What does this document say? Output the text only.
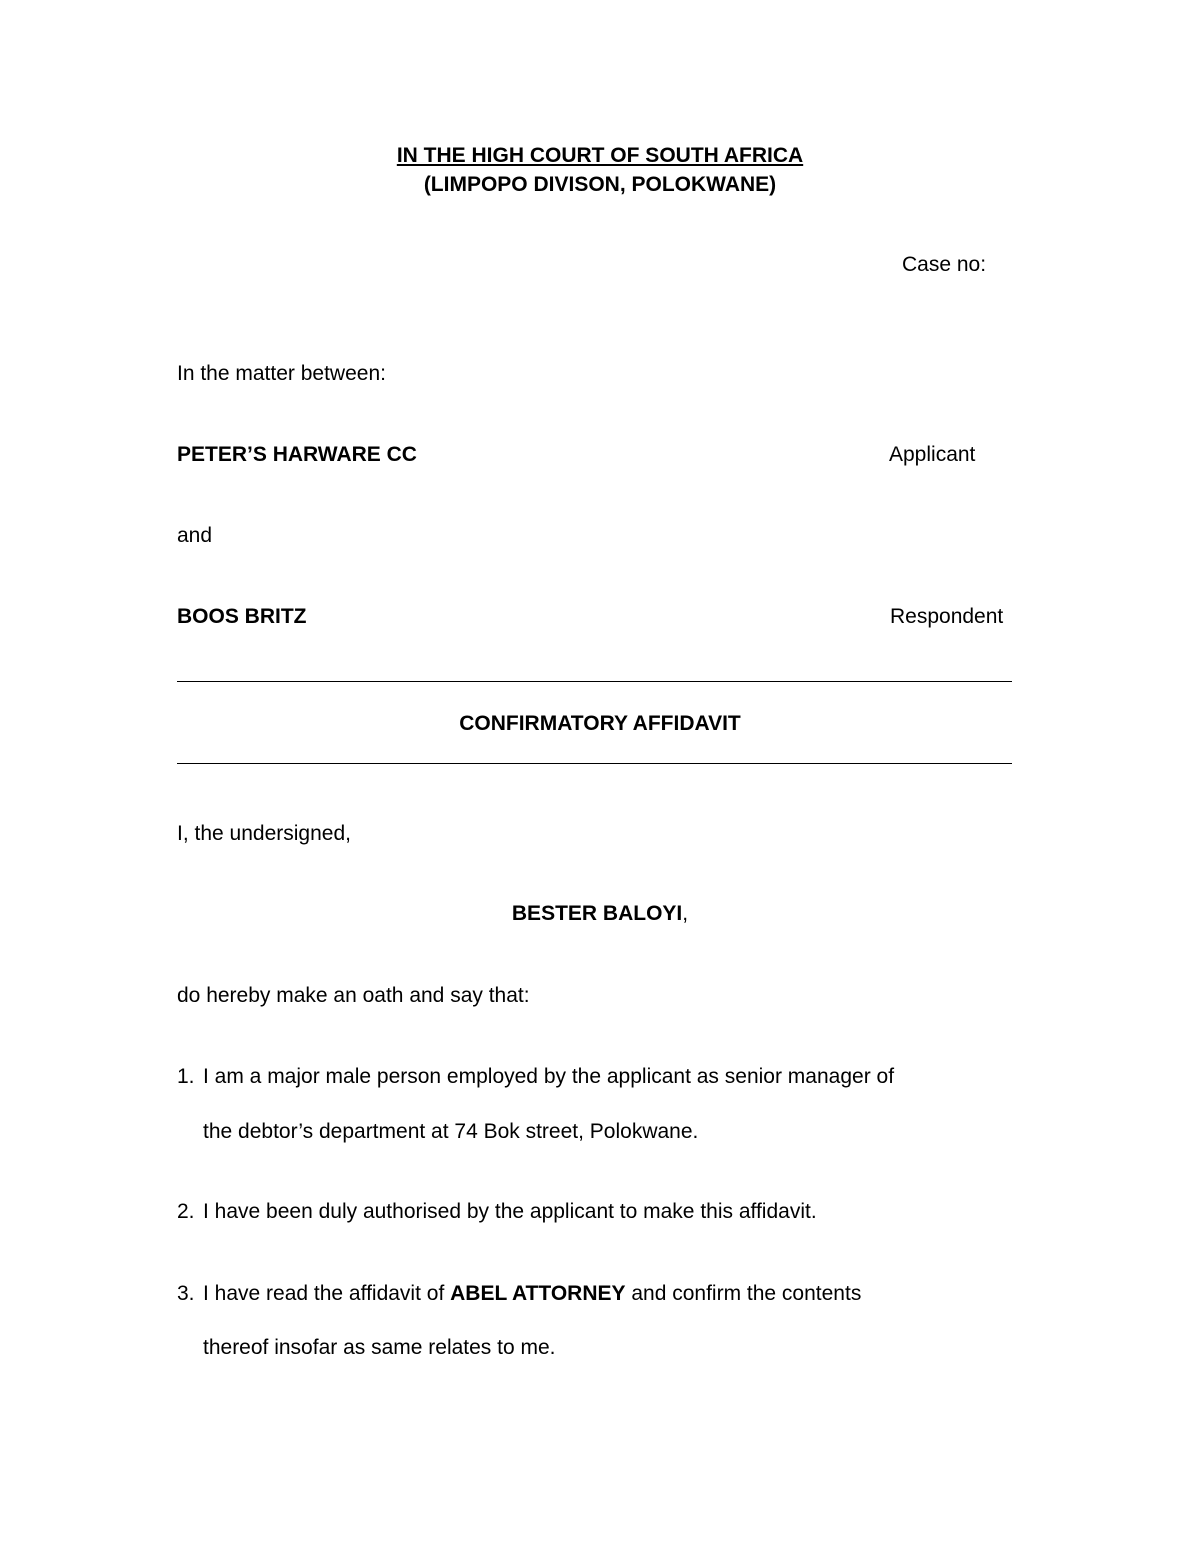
IN THE HIGH COURT OF SOUTH AFRICA
(LIMPOPO DIVISON, POLOKWANE)
Case no:
In the matter between:
PETER’S HARWARE CC	Applicant
and
BOOS BRITZ	Respondent
CONFIRMATORY AFFIDAVIT
I, the undersigned,
BESTER BALOYI,
do hereby make an oath and say that:
1. I am a major male person employed by the applicant as senior manager of
the debtor’s department at 74 Bok street, Polokwane.
2. I have been duly authorised by the applicant to make this affidavit.
3. I have read the affidavit of ABEL ATTORNEY and confirm the contents
thereof insofar as same relates to me.
